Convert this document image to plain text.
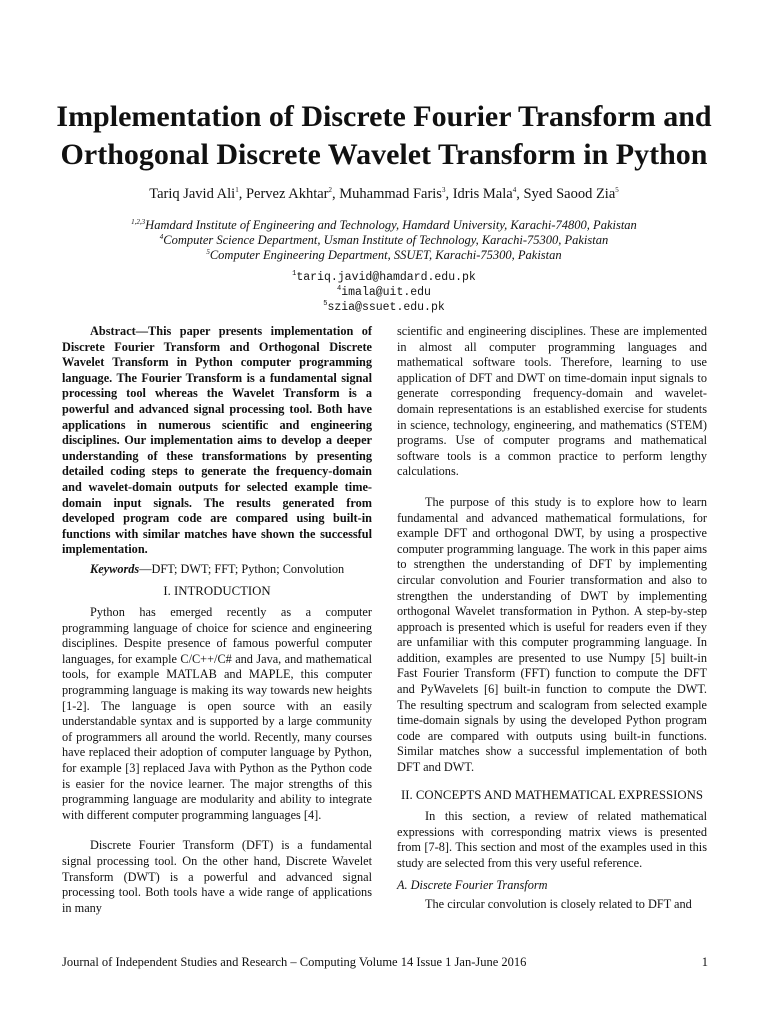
Implementation of Discrete Fourier Transform and Orthogonal Discrete Wavelet Transform in Python
Tariq Javid Ali$^1$, Pervez Akhtar$^2$, Muhammad Faris$^3$, Idris Mala$^4$, Syed Saood Zia$^5$
$^{1,2,3}$Hamdard Institute of Engineering and Technology, Hamdard University, Karachi-74800, Pakistan
$^4$Computer Science Department, Usman Institute of Technology, Karachi-75300, Pakistan
$^5$Computer Engineering Department, SSUET, Karachi-75300, Pakistan
$^1$tariq.javid@hamdard.edu.pk
$^4$imala@uit.edu
$^5$szia@ssuet.edu.pk

Abstract—This paper presents implementation of Discrete Fourier Transform and Orthogonal Discrete Wavelet Transform in Python computer programming language. The Fourier Transform is a fundamental signal processing tool whereas the Wavelet Transform is a powerful and advanced signal processing tool. Both have applications in numerous scientific and engineering disciplines. Our implementation aims to develop a deeper understanding of these transformations by presenting detailed coding steps to generate the frequency-domain and wavelet-domain outputs for selected example time-domain input signals. The results generated from developed program code are compared using built-in functions with similar matches have shown the successful implementation.

Keywords—DFT; DWT; FFT; Python; Convolution

I. INTRODUCTION

Python has emerged recently as a computer programming language of choice for science and engineering disciplines. Despite presence of famous powerful computer languages, for example C/C++/C# and Java, and mathematical tools, for example MATLAB and MAPLE, this computer programming language is making its way towards new heights [1-2]. The language is open source with an easily understandable syntax and is supported by a large community of programmers all around the world. Recently, many courses have replaced their adoption of computer language by Python, for example [3] replaced Java with Python as the Python code is easier for the novice learner. The major strengths of this programming language are modularity and ability to integrate with different computer programming languages [4].

Discrete Fourier Transform (DFT) is a fundamental signal processing tool. On the other hand, Discrete Wavelet Transform (DWT) is a powerful and advanced signal processing tool. Both tools have a wide range of applications in many

scientific and engineering disciplines. These are implemented in almost all computer programming languages and mathematical software tools. Therefore, learning to use application of DFT and DWT on time-domain input signals to generate corresponding frequency-domain and wavelet-domain representations is an established exercise for students in science, technology, engineering, and mathematics (STEM) programs. Use of computer programs and mathematical software tools is a common practice to perform lengthy calculations.

The purpose of this study is to explore how to learn fundamental and advanced mathematical formulations, for example DFT and orthogonal DWT, by using a prospective computer programming language. The work in this paper aims to strengthen the understanding of DFT by implementing circular convolution and Fourier transformation and also to strengthen the understanding of DWT by implementing orthogonal Wavelet transformation in Python. A step-by-step approach is presented which is useful for readers even if they are unfamiliar with this computer programming language. In addition, examples are presented to use Numpy [5] built-in Fast Fourier Transform (FFT) function to compute the DFT and PyWavelets [6] built-in function to compute the DWT. The resulting spectrum and scalogram from selected example time-domain signals by using the developed Python program code are compared with outputs using built-in functions. Similar matches show a successful implementation of both DFT and DWT.

II. CONCEPTS AND MATHEMATICAL EXPRESSIONS

In this section, a review of related mathematical expressions with corresponding matrix views is presented from [7-8]. This section and most of the examples used in this study are selected from this very useful reference.

A. Discrete Fourier Transform

The circular convolution is closely related to DFT and

Journal of Independent Studies and Research – Computing Volume 14 Issue 1 Jan-June 2016	1
